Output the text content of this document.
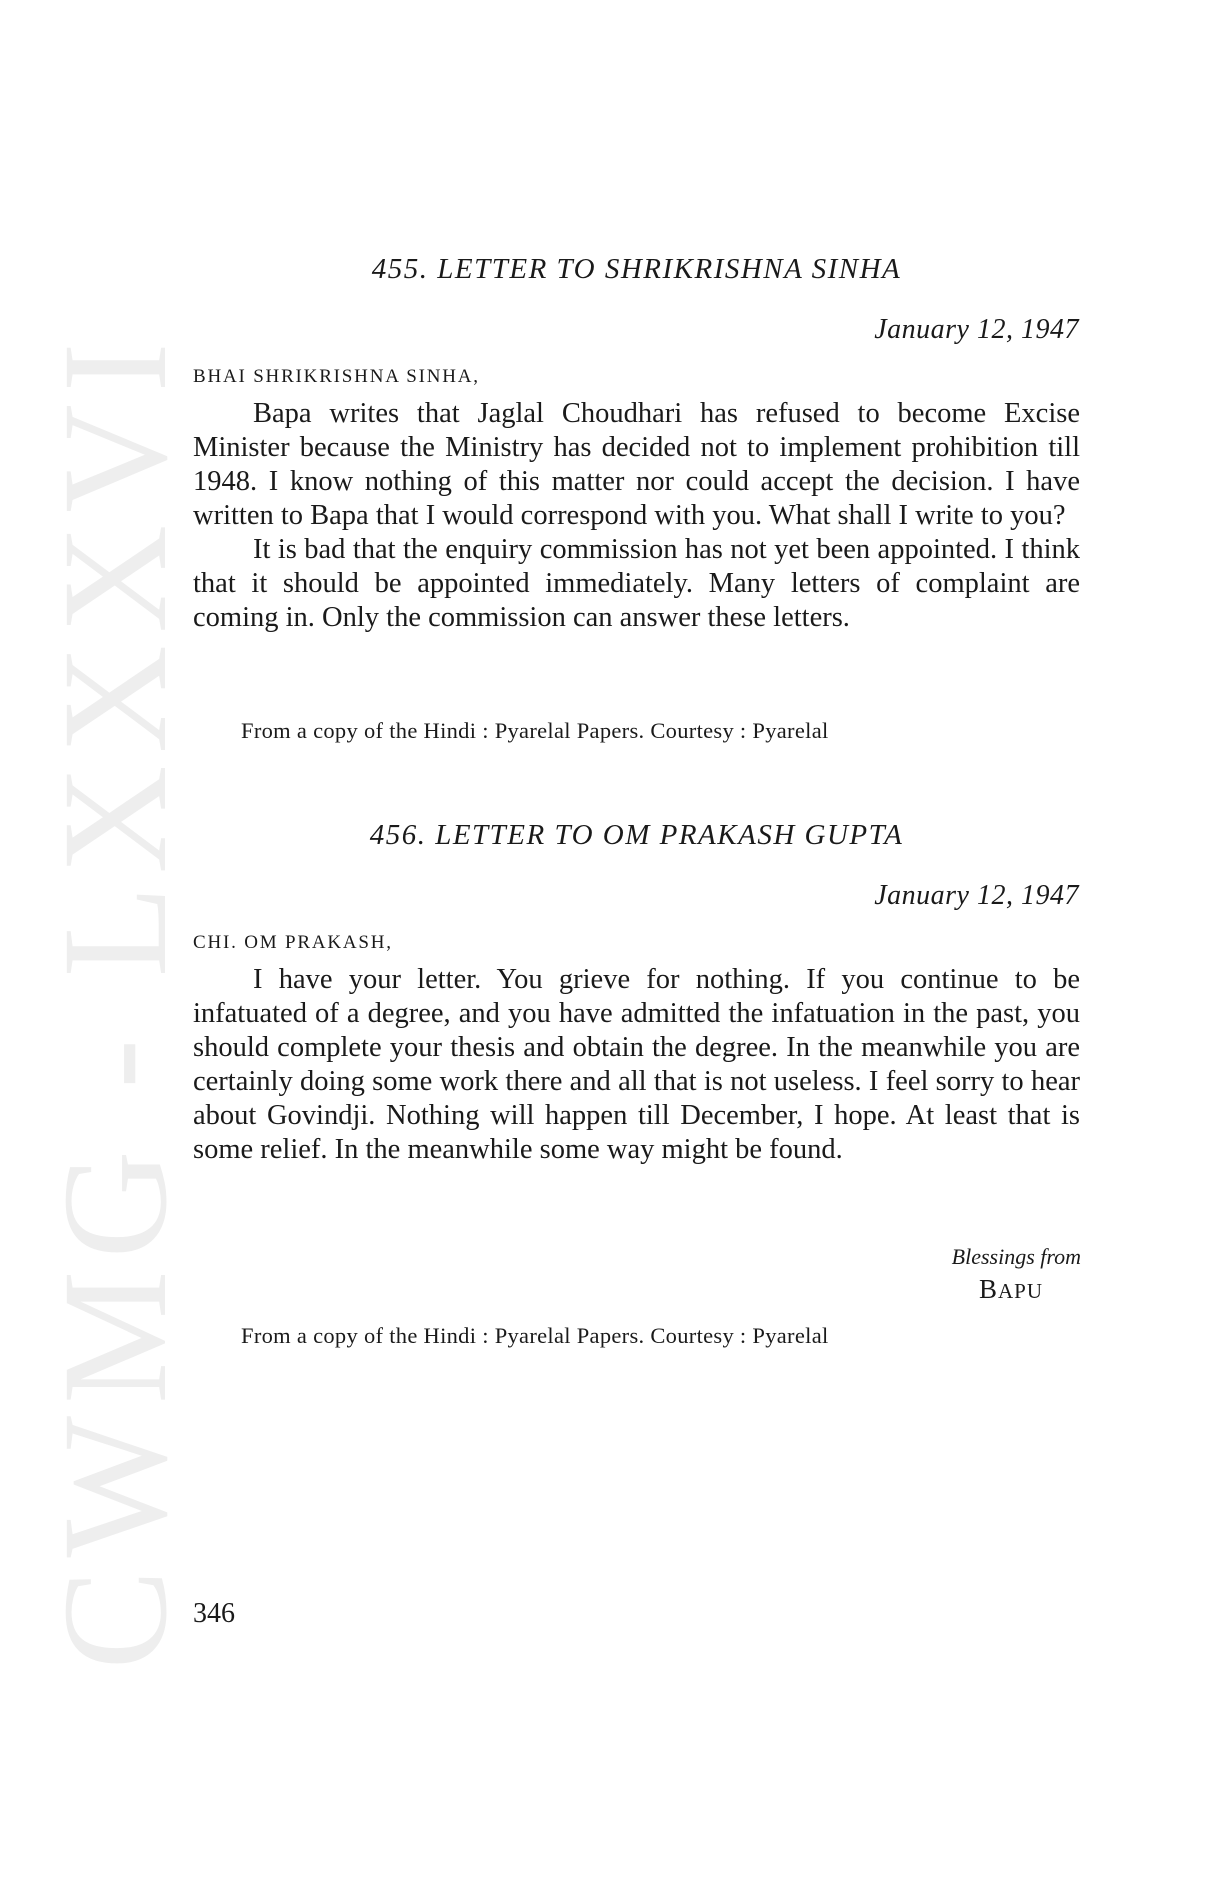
CWMG - LXXXVI
455. LETTER TO SHRIKRISHNA SINHA
January 12, 1947
BHAI SHRIKRISHNA SINHA,

Bapa writes that Jaglal Choudhari has refused to become Excise Minister because the Ministry has decided not to implement prohibition till 1948. I know nothing of this matter nor could accept the decision. I have written to Bapa that I would correspond with you. What shall I write to you?

It is bad that the enquiry commission has not yet been appointed. I think that it should be appointed immediately. Many letters of complaint are coming in. Only the commission can answer these letters.

From a copy of the Hindi : Pyarelal Papers. Courtesy : Pyarelal
456. LETTER TO OM PRAKASH GUPTA
January 12, 1947
CHI. OM PRAKASH,

I have your letter. You grieve for nothing. If you continue to be infatuated of a degree, and you have admitted the infatuation in the past, you should complete your thesis and obtain the degree. In the meanwhile you are certainly doing some work there and all that is not useless. I feel sorry to hear about Govindji. Nothing will happen till December, I hope. At least that is some relief. In the meanwhile some way might be found.

Blessings from
BAPU
From a copy of the Hindi : Pyarelal Papers. Courtesy : Pyarelal
346
